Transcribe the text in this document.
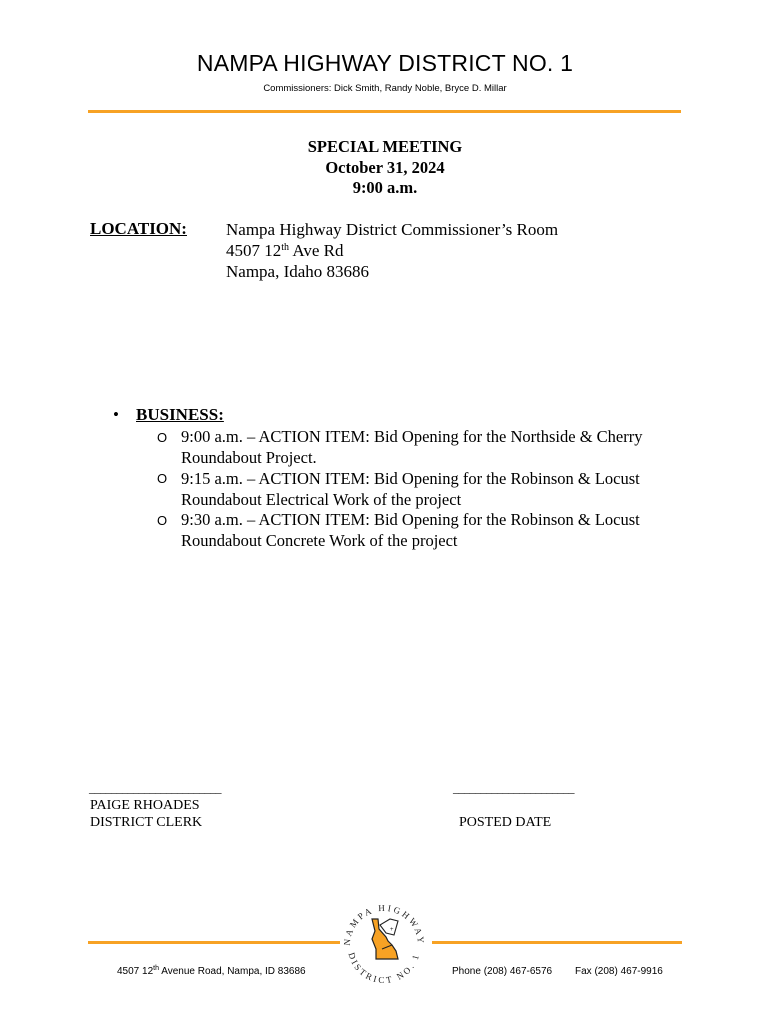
NAMPA HIGHWAY DISTRICT NO. 1
Commissioners: Dick Smith, Randy Noble, Bryce D. Millar
SPECIAL MEETING
October 31, 2024
9:00 a.m.
LOCATION: Nampa Highway District Commissioner’s Room
4507 12th Ave Rd
Nampa, Idaho 83686
• BUSINESS:
O 9:00 a.m. – ACTION ITEM: Bid Opening for the Northside & Cherry Roundabout Project.
O 9:15 a.m. – ACTION ITEM: Bid Opening for the Robinson & Locust Roundabout Electrical Work of the project
O 9:30 a.m. – ACTION ITEM: Bid Opening for the Robinson & Locust Roundabout Concrete Work of the project
________________________
PAIGE RHOADES
DISTRICT CLERK
______________________
POSTED DATE
NAMPA HIGHWAY
DISTRICT NO. 1
+
4507 12th Avenue Road, Nampa, ID 83686	Phone (208) 467-6576 Fax (208) 467-9916
